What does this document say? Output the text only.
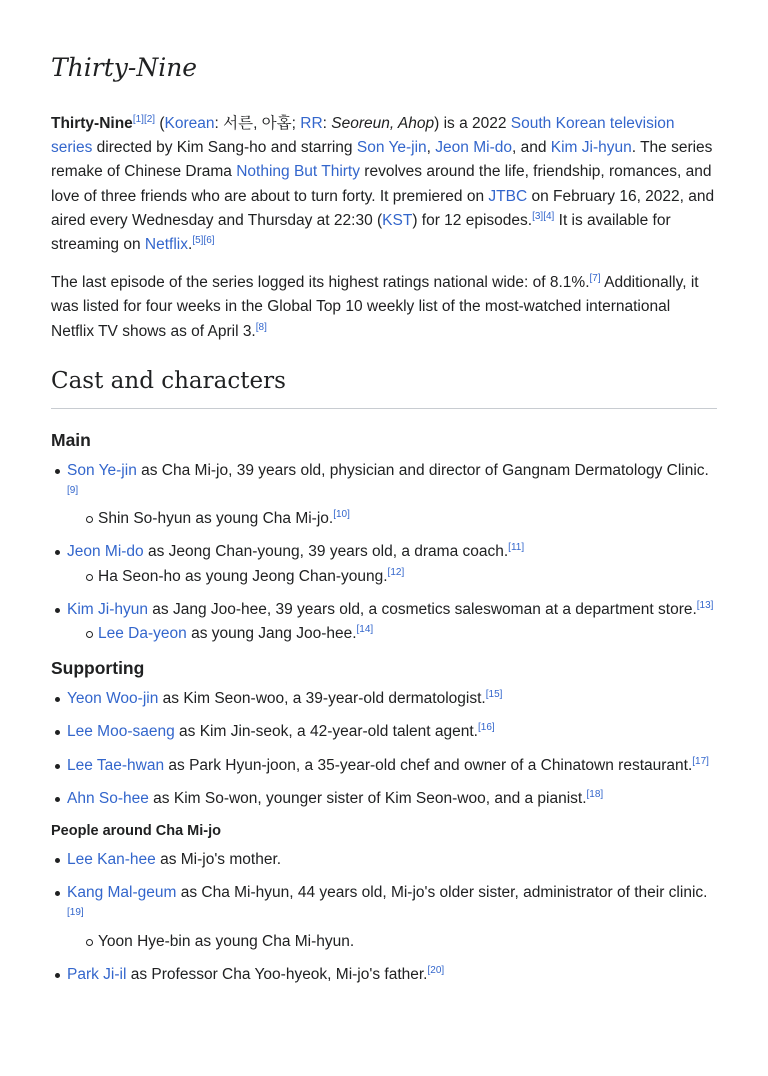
Thirty-Nine

Thirty-Nine[1][2] (Korean: 서른, 아홉; RR: Seoreun, Ahop) is a 2022 South Korean television series directed by Kim Sang-ho and starring Son Ye-jin, Jeon Mi-do, and Kim Ji-hyun. The series remake of Chinese Drama Nothing But Thirty revolves around the life, friendship, romances, and love of three friends who are about to turn forty. It premiered on JTBC on February 16, 2022, and aired every Wednesday and Thursday at 22:30 (KST) for 12 episodes.[3][4] It is available for streaming on Netflix.[5][6]

The last episode of the series logged its highest ratings national wide: of 8.1%.[7] Additionally, it was listed for four weeks in the Global Top 10 weekly list of the most-watched international Netflix TV shows as of April 3.[8]

Cast and characters
Main
Son Ye-jin as Cha Mi-jo, 39 years old, physician and director of Gangnam Dermatology Clinic.[9]
Shin So-hyun as young Cha Mi-jo.[10]
Jeon Mi-do as Jeong Chan-young, 39 years old, a drama coach.[11]
Ha Seon-ho as young Jeong Chan-young.[12]
Kim Ji-hyun as Jang Joo-hee, 39 years old, a cosmetics saleswoman at a department store.[13]
Lee Da-yeon as young Jang Joo-hee.[14]
Supporting
Yeon Woo-jin as Kim Seon-woo, a 39-year-old dermatologist.[15]
Lee Moo-saeng as Kim Jin-seok, a 42-year-old talent agent.[16]
Lee Tae-hwan as Park Hyun-joon, a 35-year-old chef and owner of a Chinatown restaurant.[17]
Ahn So-hee as Kim So-won, younger sister of Kim Seon-woo, and a pianist.[18]
People around Cha Mi-jo
Lee Kan-hee as Mi-jo's mother.
Kang Mal-geum as Cha Mi-hyun, 44 years old, Mi-jo's older sister, administrator of their clinic.[19]
Yoon Hye-bin as young Cha Mi-hyun.
Park Ji-il as Professor Cha Yoo-hyeok, Mi-jo's father.[20]
